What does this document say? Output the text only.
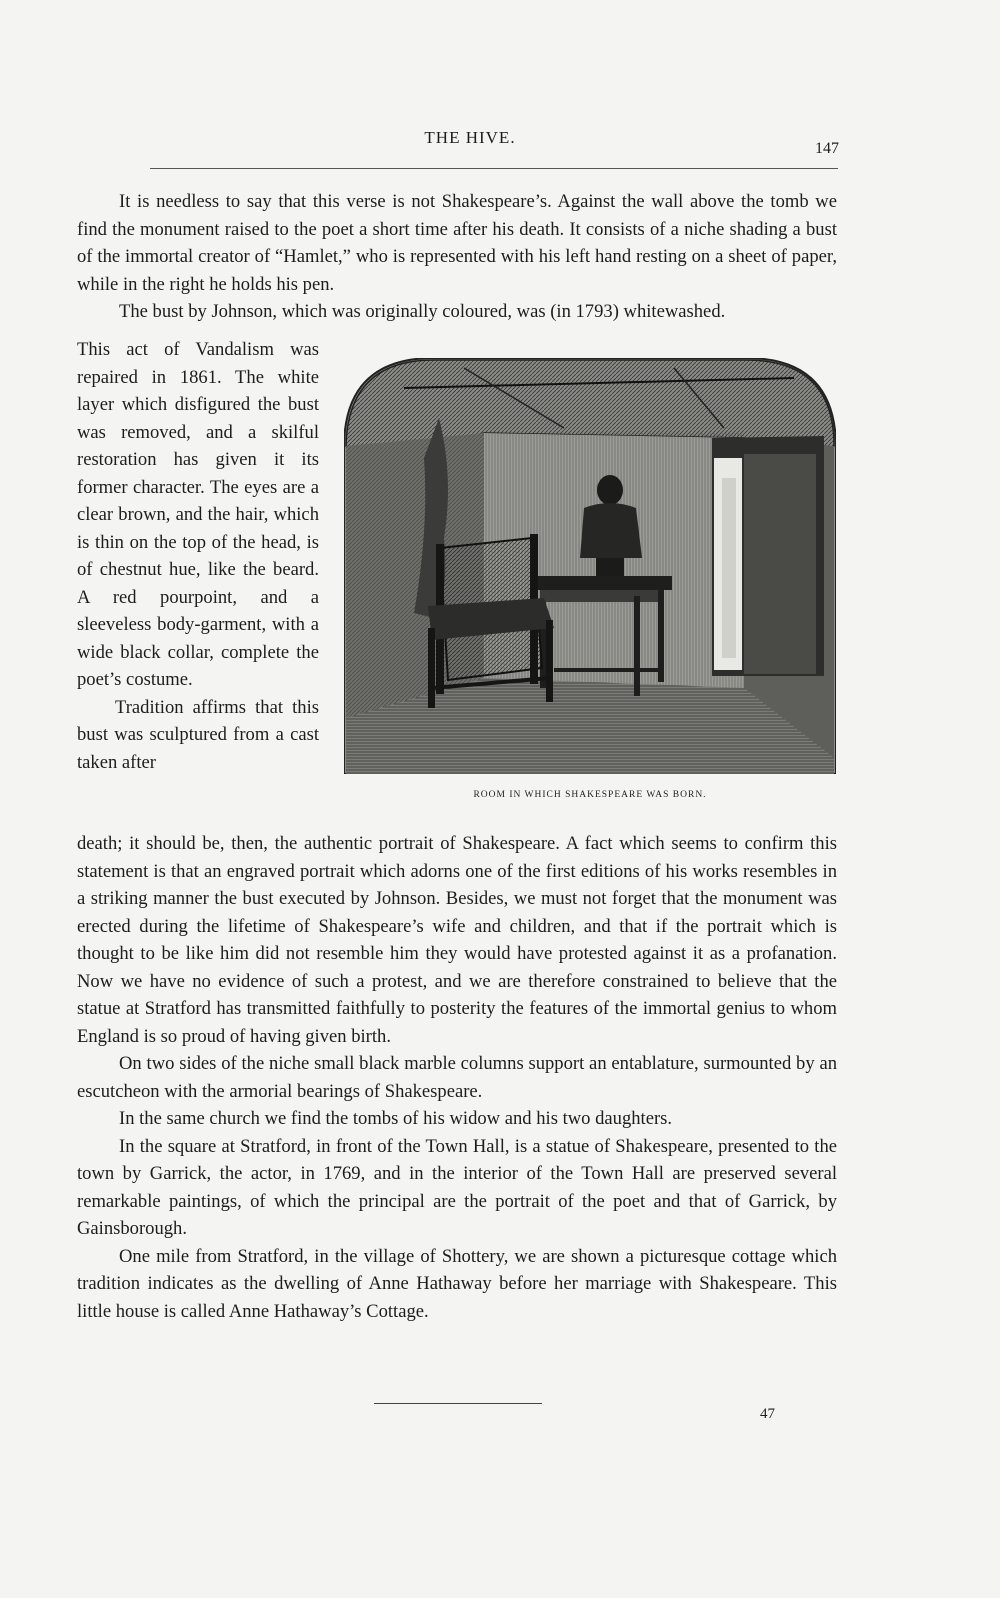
THE HIVE.
147

It is needless to say that this verse is not Shakespeare’s. Against the wall above the tomb we find the monument raised to the poet a short time after his death. It consists of a niche shading a bust of the immortal creator of “Hamlet,” who is represented with his left hand resting on a sheet of paper, while in the right he holds his pen.

The bust by Johnson, which was originally coloured, was (in 1793) whitewashed.

This act of Vandalism was repaired in 1861. The white layer which disfigured the bust was removed, and a skilful restoration has given it its former character. The eyes are a clear brown, and the hair, which is thin on the top of the head, is of chestnut hue, like the beard. A red pourpoint, and a sleeveless body-garment, with a wide black collar, complete the poet’s costume.

Tradition affirms that this bust was sculptured from a cast taken after

ROOM IN WHICH SHAKESPEARE WAS BORN.

death; it should be, then, the authentic portrait of Shakespeare. A fact which seems to confirm this statement is that an engraved portrait which adorns one of the first editions of his works resembles in a striking manner the bust executed by Johnson. Besides, we must not forget that the monument was erected during the lifetime of Shakespeare’s wife and children, and that if the portrait which is thought to be like him did not resemble him they would have protested against it as a profanation. Now we have no evidence of such a protest, and we are therefore constrained to believe that the statue at Stratford has transmitted faithfully to posterity the features of the immortal genius to whom England is so proud of having given birth.

On two sides of the niche small black marble columns support an entablature, surmounted by an escutcheon with the armorial bearings of Shakespeare.

In the same church we find the tombs of his widow and his two daughters.

In the square at Stratford, in front of the Town Hall, is a statue of Shakespeare, presented to the town by Garrick, the actor, in 1769, and in the interior of the Town Hall are preserved several remarkable paintings, of which the principal are the portrait of the poet and that of Garrick, by Gainsborough.

One mile from Stratford, in the village of Shottery, we are shown a picturesque cottage which tradition indicates as the dwelling of Anne Hathaway before her marriage with Shakespeare. This little house is called Anne Hathaway’s Cottage.

47
